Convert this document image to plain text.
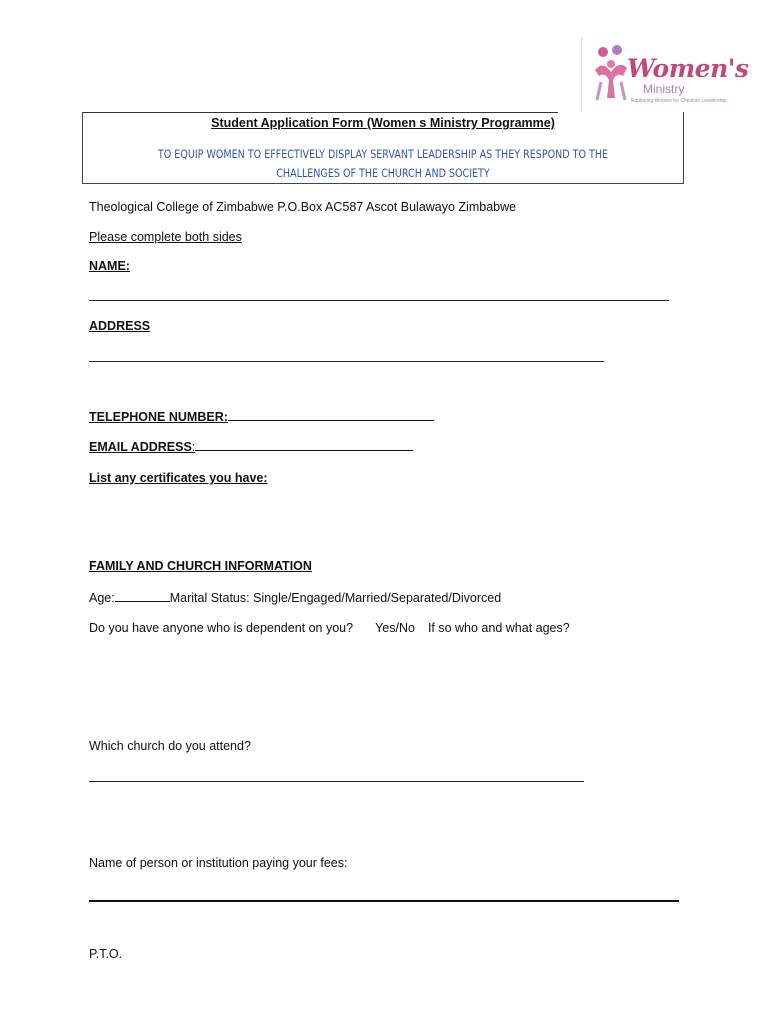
Women's
Ministry
Equipping Women for Christian Leadership
Student Application Form (Women s Ministry Programme)
TO EQUIP WOMEN TO EFFECTIVELY DISPLAY SERVANT LEADERSHIP AS THEY RESPOND TO THE CHALLENGES OF THE CHURCH AND SOCIETY
Theological College of Zimbabwe P.O.Box AC587 Ascot Bulawayo Zimbabwe
Please complete both sides
NAME:
ADDRESS
TELEPHONE NUMBER:
EMAIL ADDRESS:
List any certificates you have:
FAMILY AND CHURCH INFORMATION
Age:	Marital Status: Single/Engaged/Married/Separated/Divorced
Do you have anyone who is dependent on you? Yes/No If so who and what ages?
Which church do you attend?
Name of person or institution paying your fees:
P.T.O.
